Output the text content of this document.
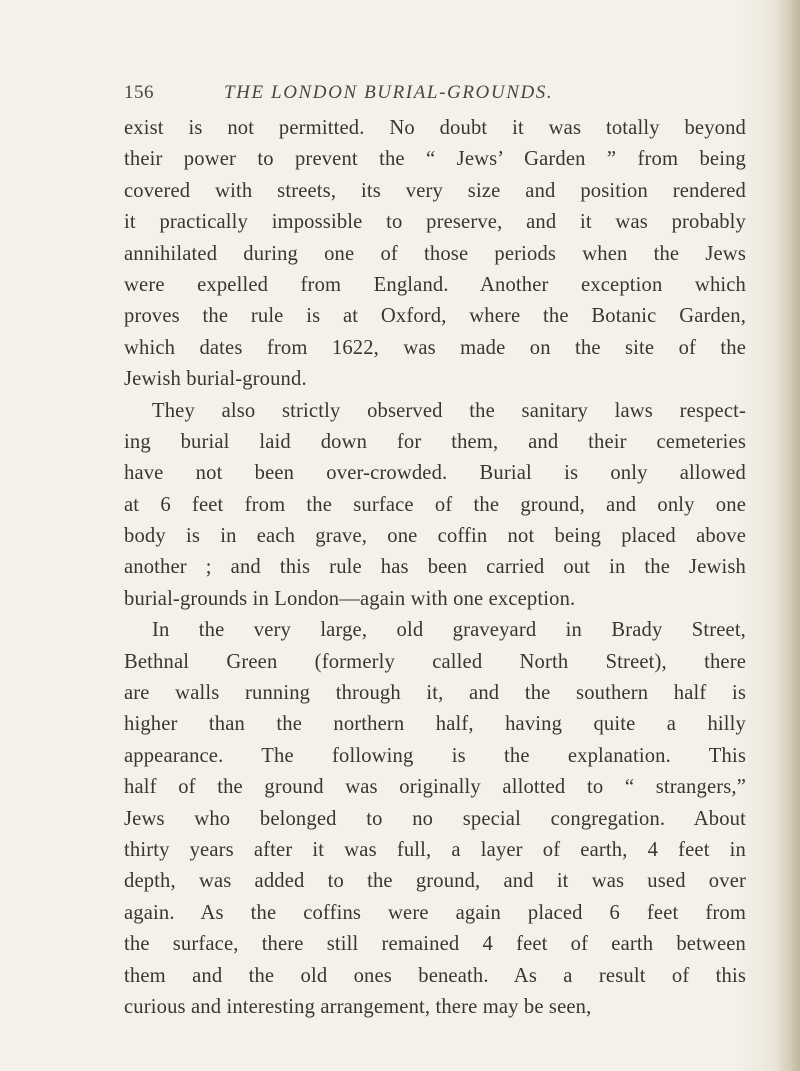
156	THE LONDON BURIAL-GROUNDS.
exist is not permitted. No doubt it was totally beyond
their power to prevent the “ Jews’ Garden ” from being
covered with streets, its very size and position rendered
it practically impossible to preserve, and it was probably
annihilated during one of those periods when the Jews
were expelled from England. Another exception which
proves the rule is at Oxford, where the Botanic Garden,
which dates from 1622, was made on the site of the
Jewish burial-ground.
They also strictly observed the sanitary laws respect-
ing burial laid down for them, and their cemeteries
have not been over-crowded. Burial is only allowed
at 6 feet from the surface of the ground, and only one
body is in each grave, one coffin not being placed above
another ; and this rule has been carried out in the Jewish
burial-grounds in London—again with one exception.
In the very large, old graveyard in Brady Street,
Bethnal Green (formerly called North Street), there
are walls running through it, and the southern half is
higher than the northern half, having quite a hilly
appearance. The following is the explanation. This
half of the ground was originally allotted to “ strangers,”
Jews who belonged to no special congregation. About
thirty years after it was full, a layer of earth, 4 feet in
depth, was added to the ground, and it was used over
again. As the coffins were again placed 6 feet from
the surface, there still remained 4 feet of earth between
them and the old ones beneath. As a result of this
curious and interesting arrangement, there may be seen,
